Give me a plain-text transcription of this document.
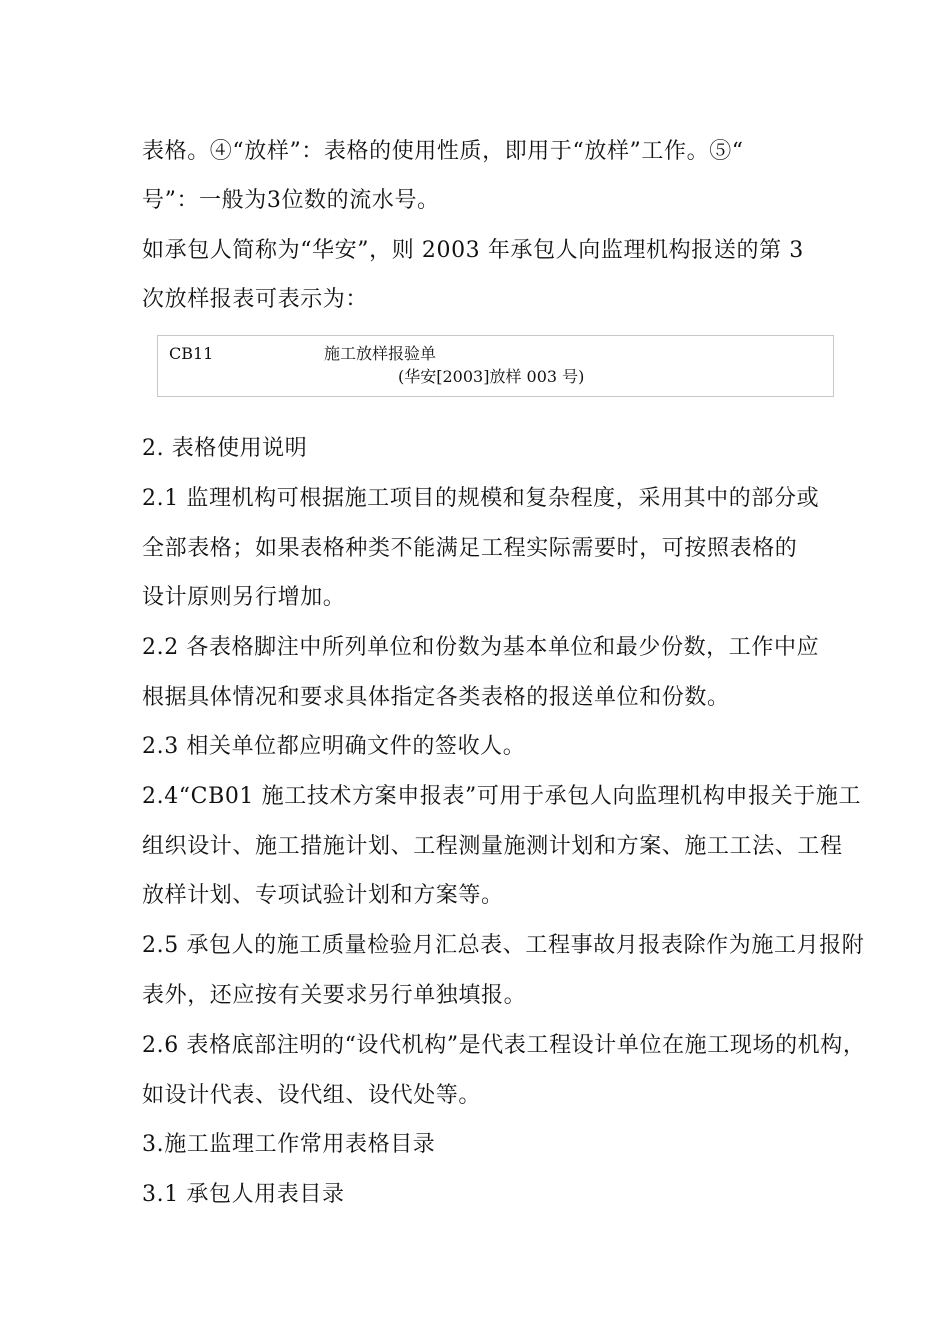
表格。④“放样”：表格的使用性质，即用于“放样”工作。⑤“
号”：一般为3位数的流水号。
如承包人简称为“华安”，则 2003 年承包人向监理机构报送的第 3
次放样报表可表示为：
CB11	施工放样报验单
(华安[2003]放样 003 号)
2. 表格使用说明
2.1 监理机构可根据施工项目的规模和复杂程度，采用其中的部分或
全部表格；如果表格种类不能满足工程实际需要时，可按照表格的
设计原则另行增加。
2.2 各表格脚注中所列单位和份数为基本单位和最少份数，工作中应
根据具体情况和要求具体指定各类表格的报送单位和份数。
2.3 相关单位都应明确文件的签收人。
2.4“CB01 施工技术方案申报表”可用于承包人向监理机构申报关于施工
组织设计、施工措施计划、工程测量施测计划和方案、施工工法、工程
放样计划、专项试验计划和方案等。
2.5 承包人的施工质量检验月汇总表、工程事故月报表除作为施工月报附
表外，还应按有关要求另行单独填报。
2.6 表格底部注明的“设代机构”是代表工程设计单位在施工现场的机构，
如设计代表、设代组、设代处等。
3.施工监理工作常用表格目录
3.1 承包人用表目录
